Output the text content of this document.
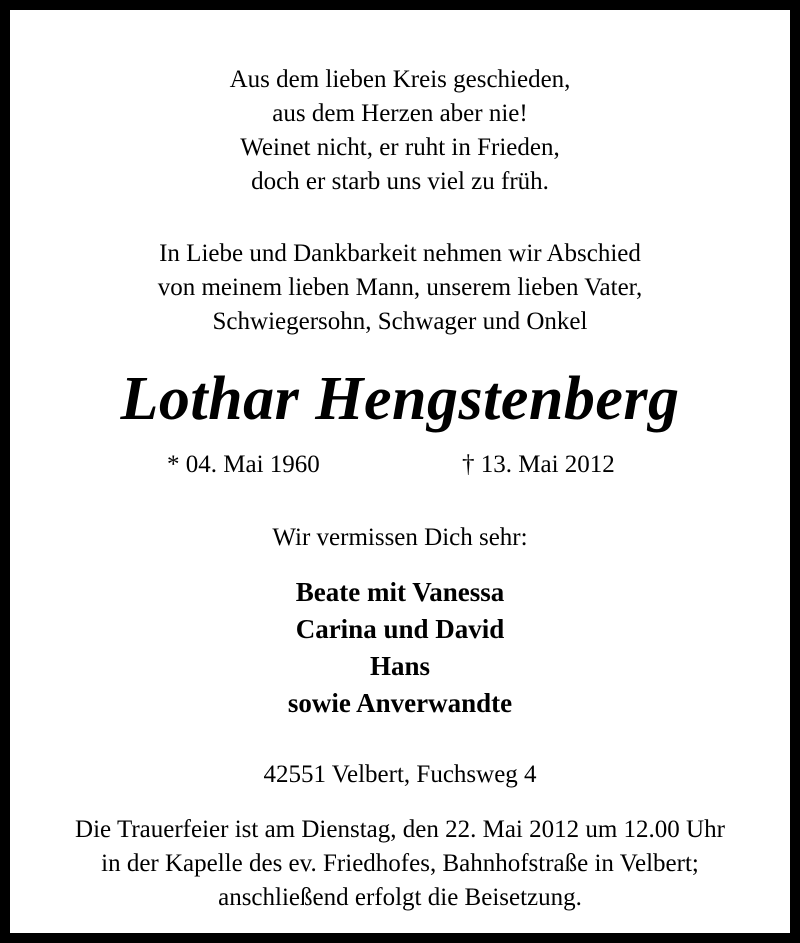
Aus dem lieben Kreis geschieden,
aus dem Herzen aber nie!
Weinet nicht, er ruht in Frieden,
doch er starb uns viel zu früh.
In Liebe und Dankbarkeit nehmen wir Abschied
von meinem lieben Mann, unserem lieben Vater,
Schwiegersohn, Schwager und Onkel
Lothar Hengstenberg
* 04. Mai 1960	† 13. Mai 2012
Wir vermissen Dich sehr:
Beate mit Vanessa
Carina und David
Hans
sowie Anverwandte
42551 Velbert, Fuchsweg 4
Die Trauerfeier ist am Dienstag, den 22. Mai 2012 um 12.00 Uhr
in der Kapelle des ev. Friedhofes, Bahnhofstraße in Velbert;
anschließend erfolgt die Beisetzung.
